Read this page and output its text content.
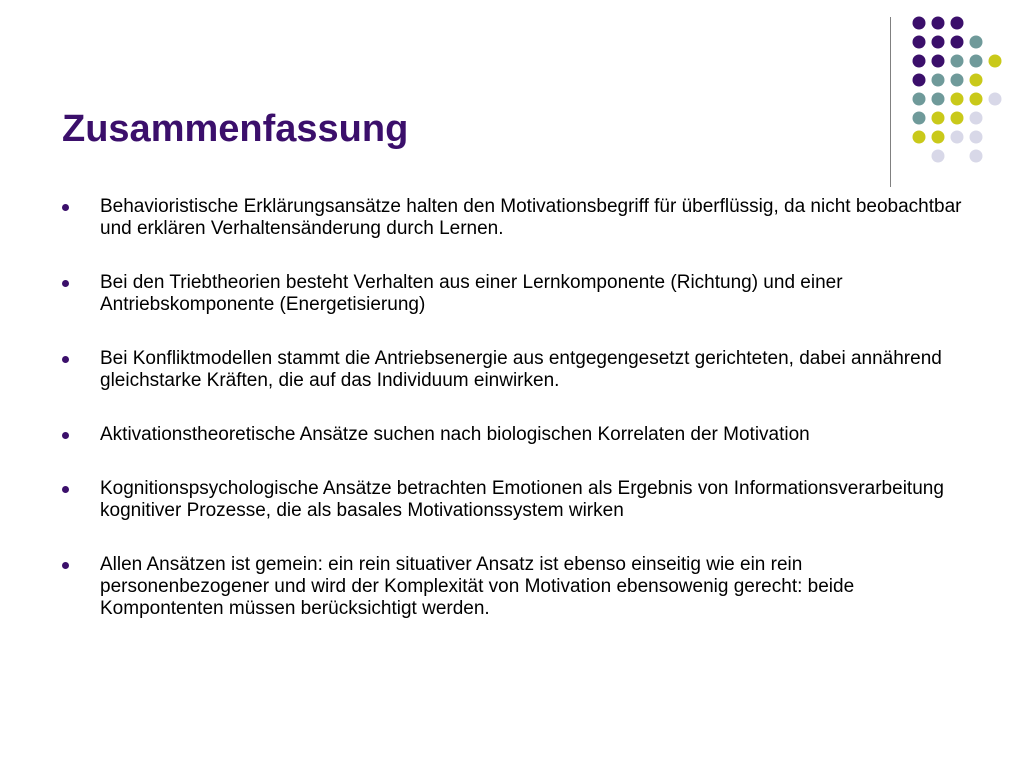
Zusammenfassung
Behavioristische Erklärungsansätze halten den Motivationsbegriff für überflüssig, da nicht beobachtbar und erklären Verhaltensänderung durch Lernen.
Bei den Triebtheorien besteht Verhalten aus einer Lernkomponente (Richtung) und einer Antriebskomponente (Energetisierung)
Bei Konfliktmodellen stammt die Antriebsenergie aus entgegengesetzt gerichteten, dabei annährend gleichstarke Kräften, die auf das Individuum einwirken.
Aktivationstheoretische Ansätze suchen nach biologischen Korrelaten der Motivation
Kognitionspsychologische Ansätze betrachten Emotionen als Ergebnis von Informationsverarbeitung kognitiver Prozesse, die als basales Motivationssystem wirken
Allen Ansätzen ist gemein: ein rein situativer Ansatz ist ebenso einseitig wie ein rein personenbezogener und wird der Komplexität von Motivation ebensowenig gerecht: beide Kompontenten müssen berücksichtigt werden.
